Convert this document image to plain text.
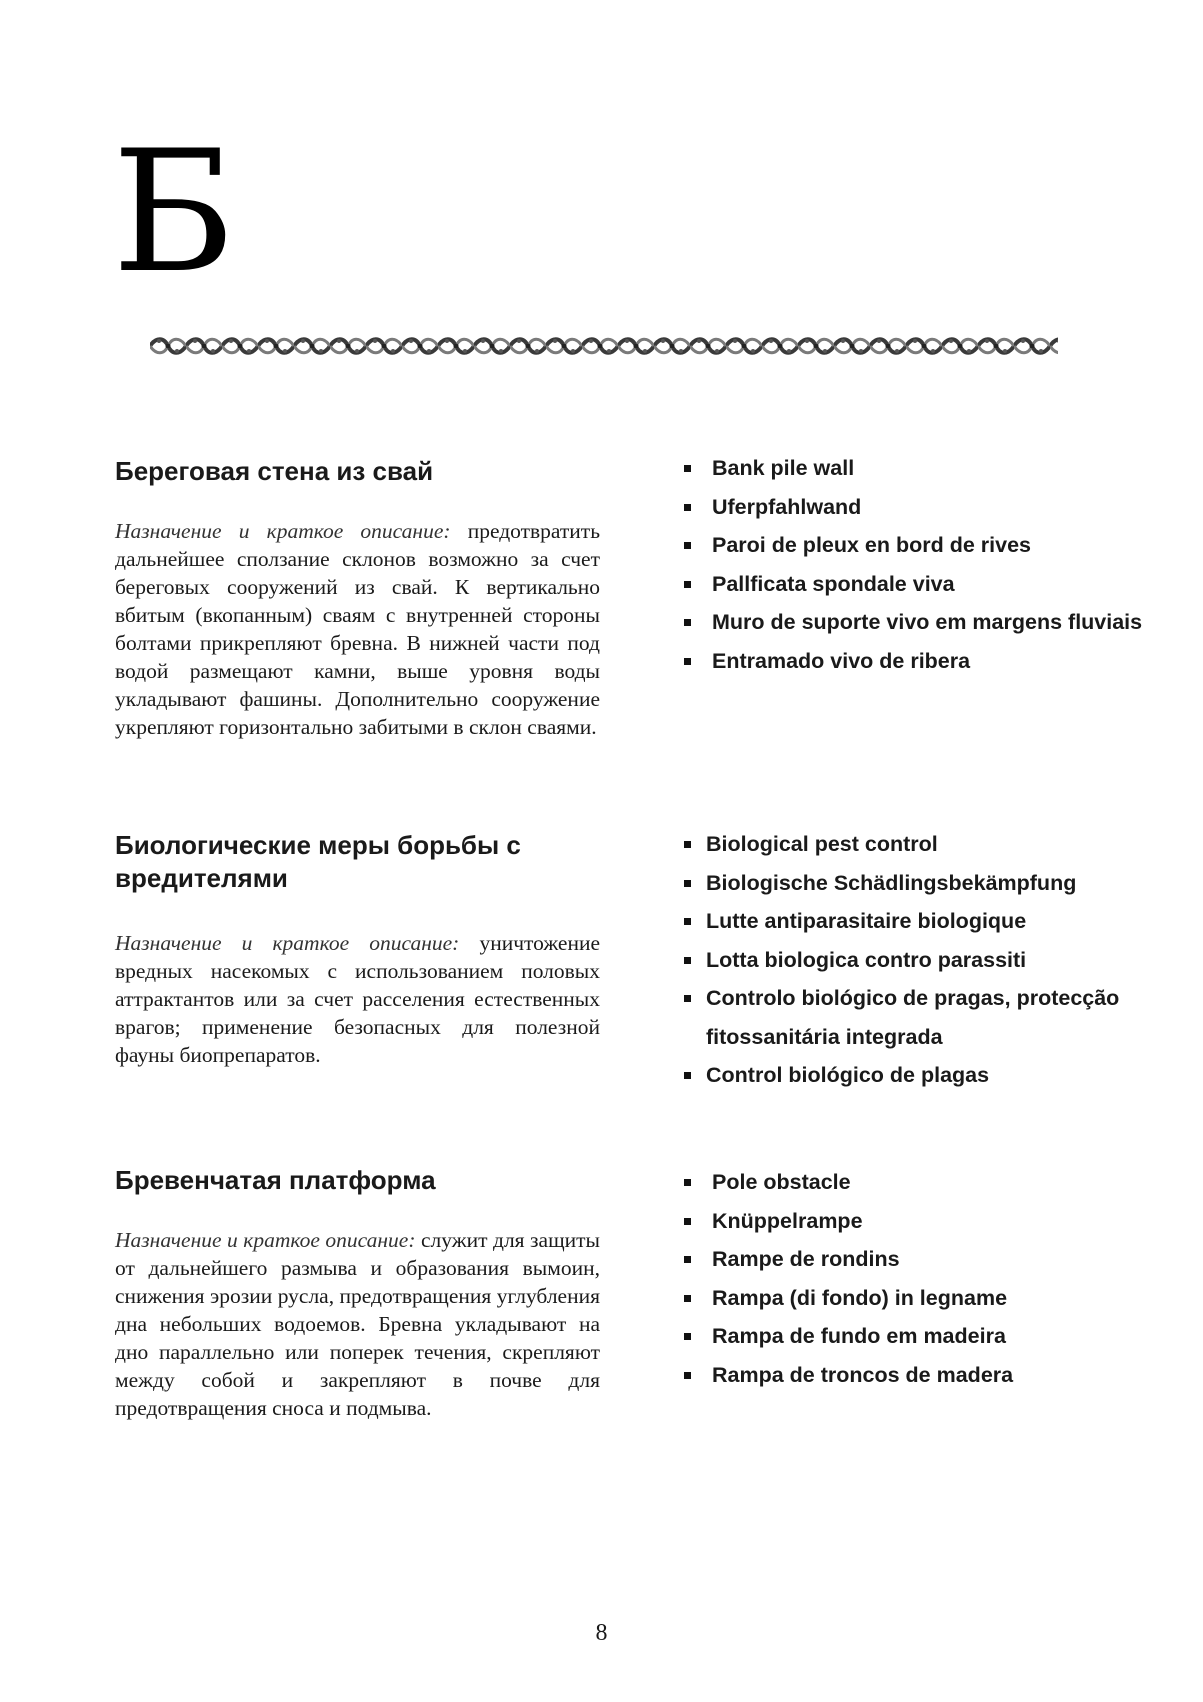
Б
Береговая стена из свай
Назначение и краткое описание: предотвратить дальнейшее сползание склонов возможно за счет береговых сооружений из свай. К вертикально вбитым (вкопанным) сваям с внутренней стороны болтами прикрепляют бревна. В нижней части под водой размещают камни, выше уровня воды укладывают фашины. Дополнительно сооружение укрепляют горизонтально забитыми в склон сваями.
Bank pile wall
Uferpfahlwand
Paroi de pleux en bord de rives
Pallficata spondale viva
Muro de suporte vivo em margens fluviais
Entramado vivo de ribera
Биологические меры борьбы с вредителями
Назначение и краткое описание: уничтожение вредных насекомых с использованием половых аттрактантов или за счет расселения естественных врагов; применение безопасных для полезной фауны биопрепаратов.
Biological pest control
Biologische Schädlingsbekämpfung
Lutte antiparasitaire biologique
Lotta biologica contro parassiti
Controlo biológico de pragas, protecção fitossanitária integrada
Control biológico de plagas
Бревенчатая платформа
Назначение и краткое описание: служит для защиты от дальнейшего размыва и образования вымоин, снижения эрозии русла, предотвращения углубления дна небольших водоемов. Бревна укладывают на дно параллельно или поперек течения, скрепляют между собой и закрепляют в почве для предотвращения сноса и подмыва.
Pole obstacle
Knüppelrampe
Rampe de rondins
Rampa (di fondo) in legname
Rampa de fundo em madeira
Rampa de troncos de madera
8
